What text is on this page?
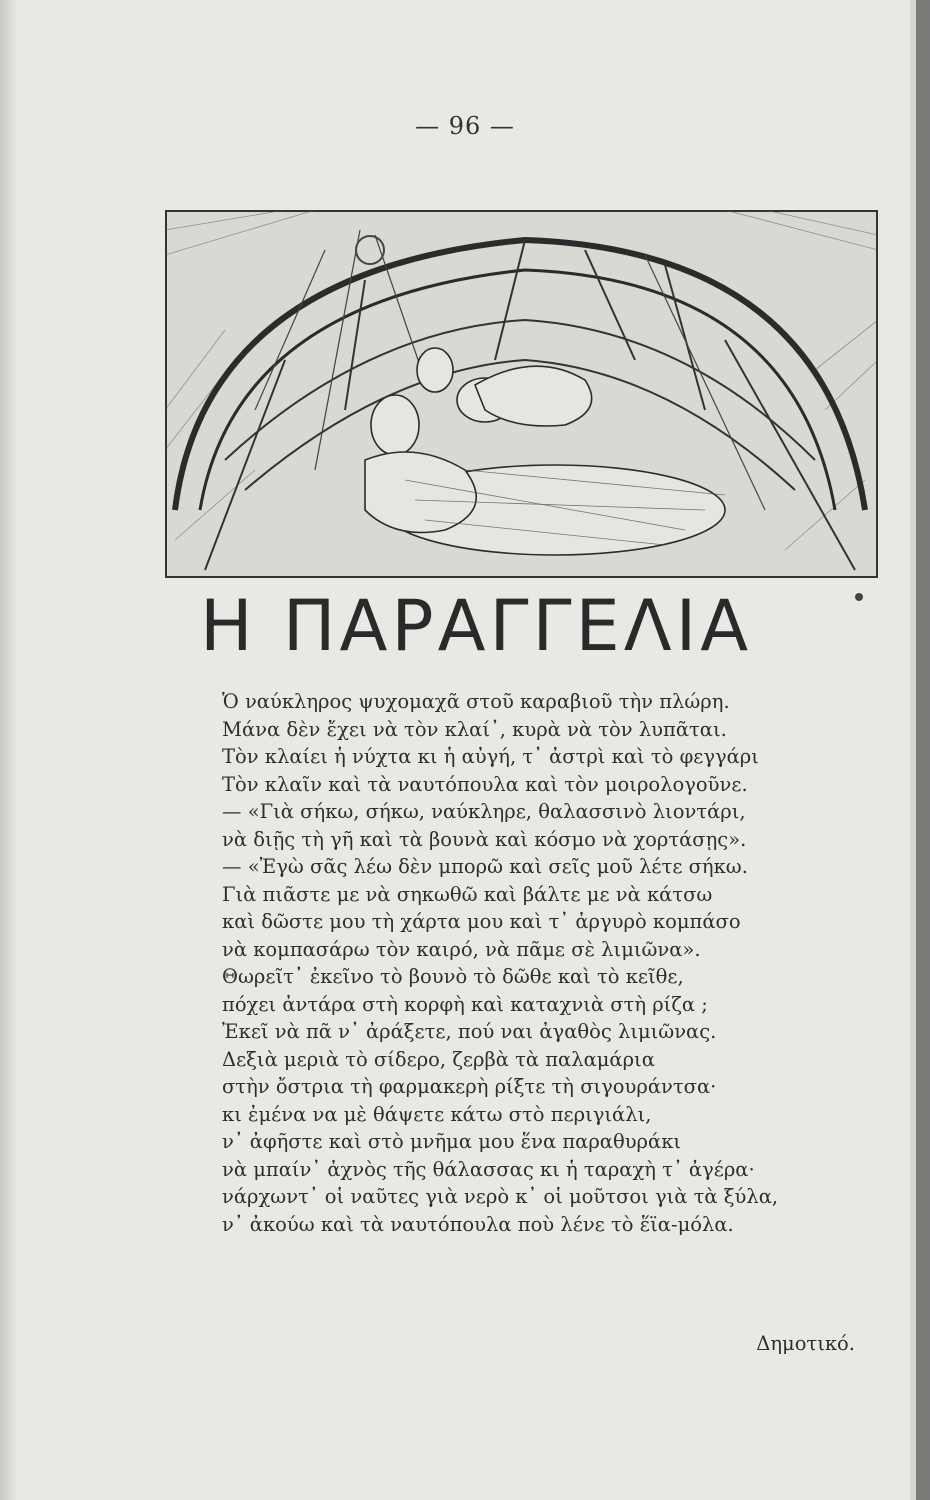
— 96 —
Η ΠΑΡΑΓΓΕΛΙΑ
Ὁ ναύκληρος ψυχομαχᾶ στοῦ καραβιοῦ τὴν πλώρη.
Μάνα δὲν ἔχει νὰ τὸν κλαί᾽, κυρὰ νὰ τὸν λυπᾶται.
Τὸν κλαίει ἡ νύχτα κι ἡ αὐγή, τ᾽ ἀστρὶ καὶ τὸ φεγγάρι
Τὸν κλαῖν καὶ τὰ ναυτόπουλα καὶ τὸν μοιρολογοῦνε.
— «Γιὰ σήκω, σήκω, ναύκληρε, θαλασσινὸ λιοντάρι,
νὰ διῇς τὴ γῆ καὶ τὰ βουνὰ καὶ κόσμο νὰ χορτάσῃς».
— «Ἐγὼ σᾶς λέω δὲν μπορῶ καὶ σεῖς μοῦ λέτε σήκω.
Γιὰ πιᾶστε με νὰ σηκωθῶ καὶ βάλτε με νὰ κάτσω
καὶ δῶστε μου τὴ χάρτα μου καὶ τ᾽ ἀργυρὸ κομπάσο
νὰ κομπασάρω τὸν καιρό, νὰ πᾶμε σὲ λιμιῶνα».
Θωρεῖτ᾽ ἐκεῖνο τὸ βουνὸ τὸ δῶθε καὶ τὸ κεῖθε,
πόχει ἀντάρα στὴ κορφὴ καὶ καταχνιὰ στὴ ρίζα ;
Ἐκεῖ νὰ πᾶ ν᾽ ἀράξετε, πού ναι ἀγαθὸς λιμιῶνας.
Δεξιὰ μεριὰ τὸ σίδερο, ζερβὰ τὰ παλαμάρια
στὴν ὄστρια τὴ φαρμακερὴ ρίξτε τὴ σιγουράντσα·
κι ἐμένα να μὲ θάψετε κάτω στὸ περιγιάλι,
ν᾽ ἀφῆστε καὶ στὸ μνῆμα μου ἕνα παραθυράκι
νὰ μπαίν᾽ ἀχνὸς τῆς θάλασσας κι ἡ ταραχὴ τ᾽ ἀγέρα·
νάρχωντ᾽ οἱ ναῦτες γιὰ νερὸ κ᾽ οἱ μοῦτσοι γιὰ τὰ ξύλα,
ν᾽ ἀκούω καὶ τὰ ναυτόπουλα ποὺ λένε τὸ ἕϊα-μόλα.
Δημοτικό.
